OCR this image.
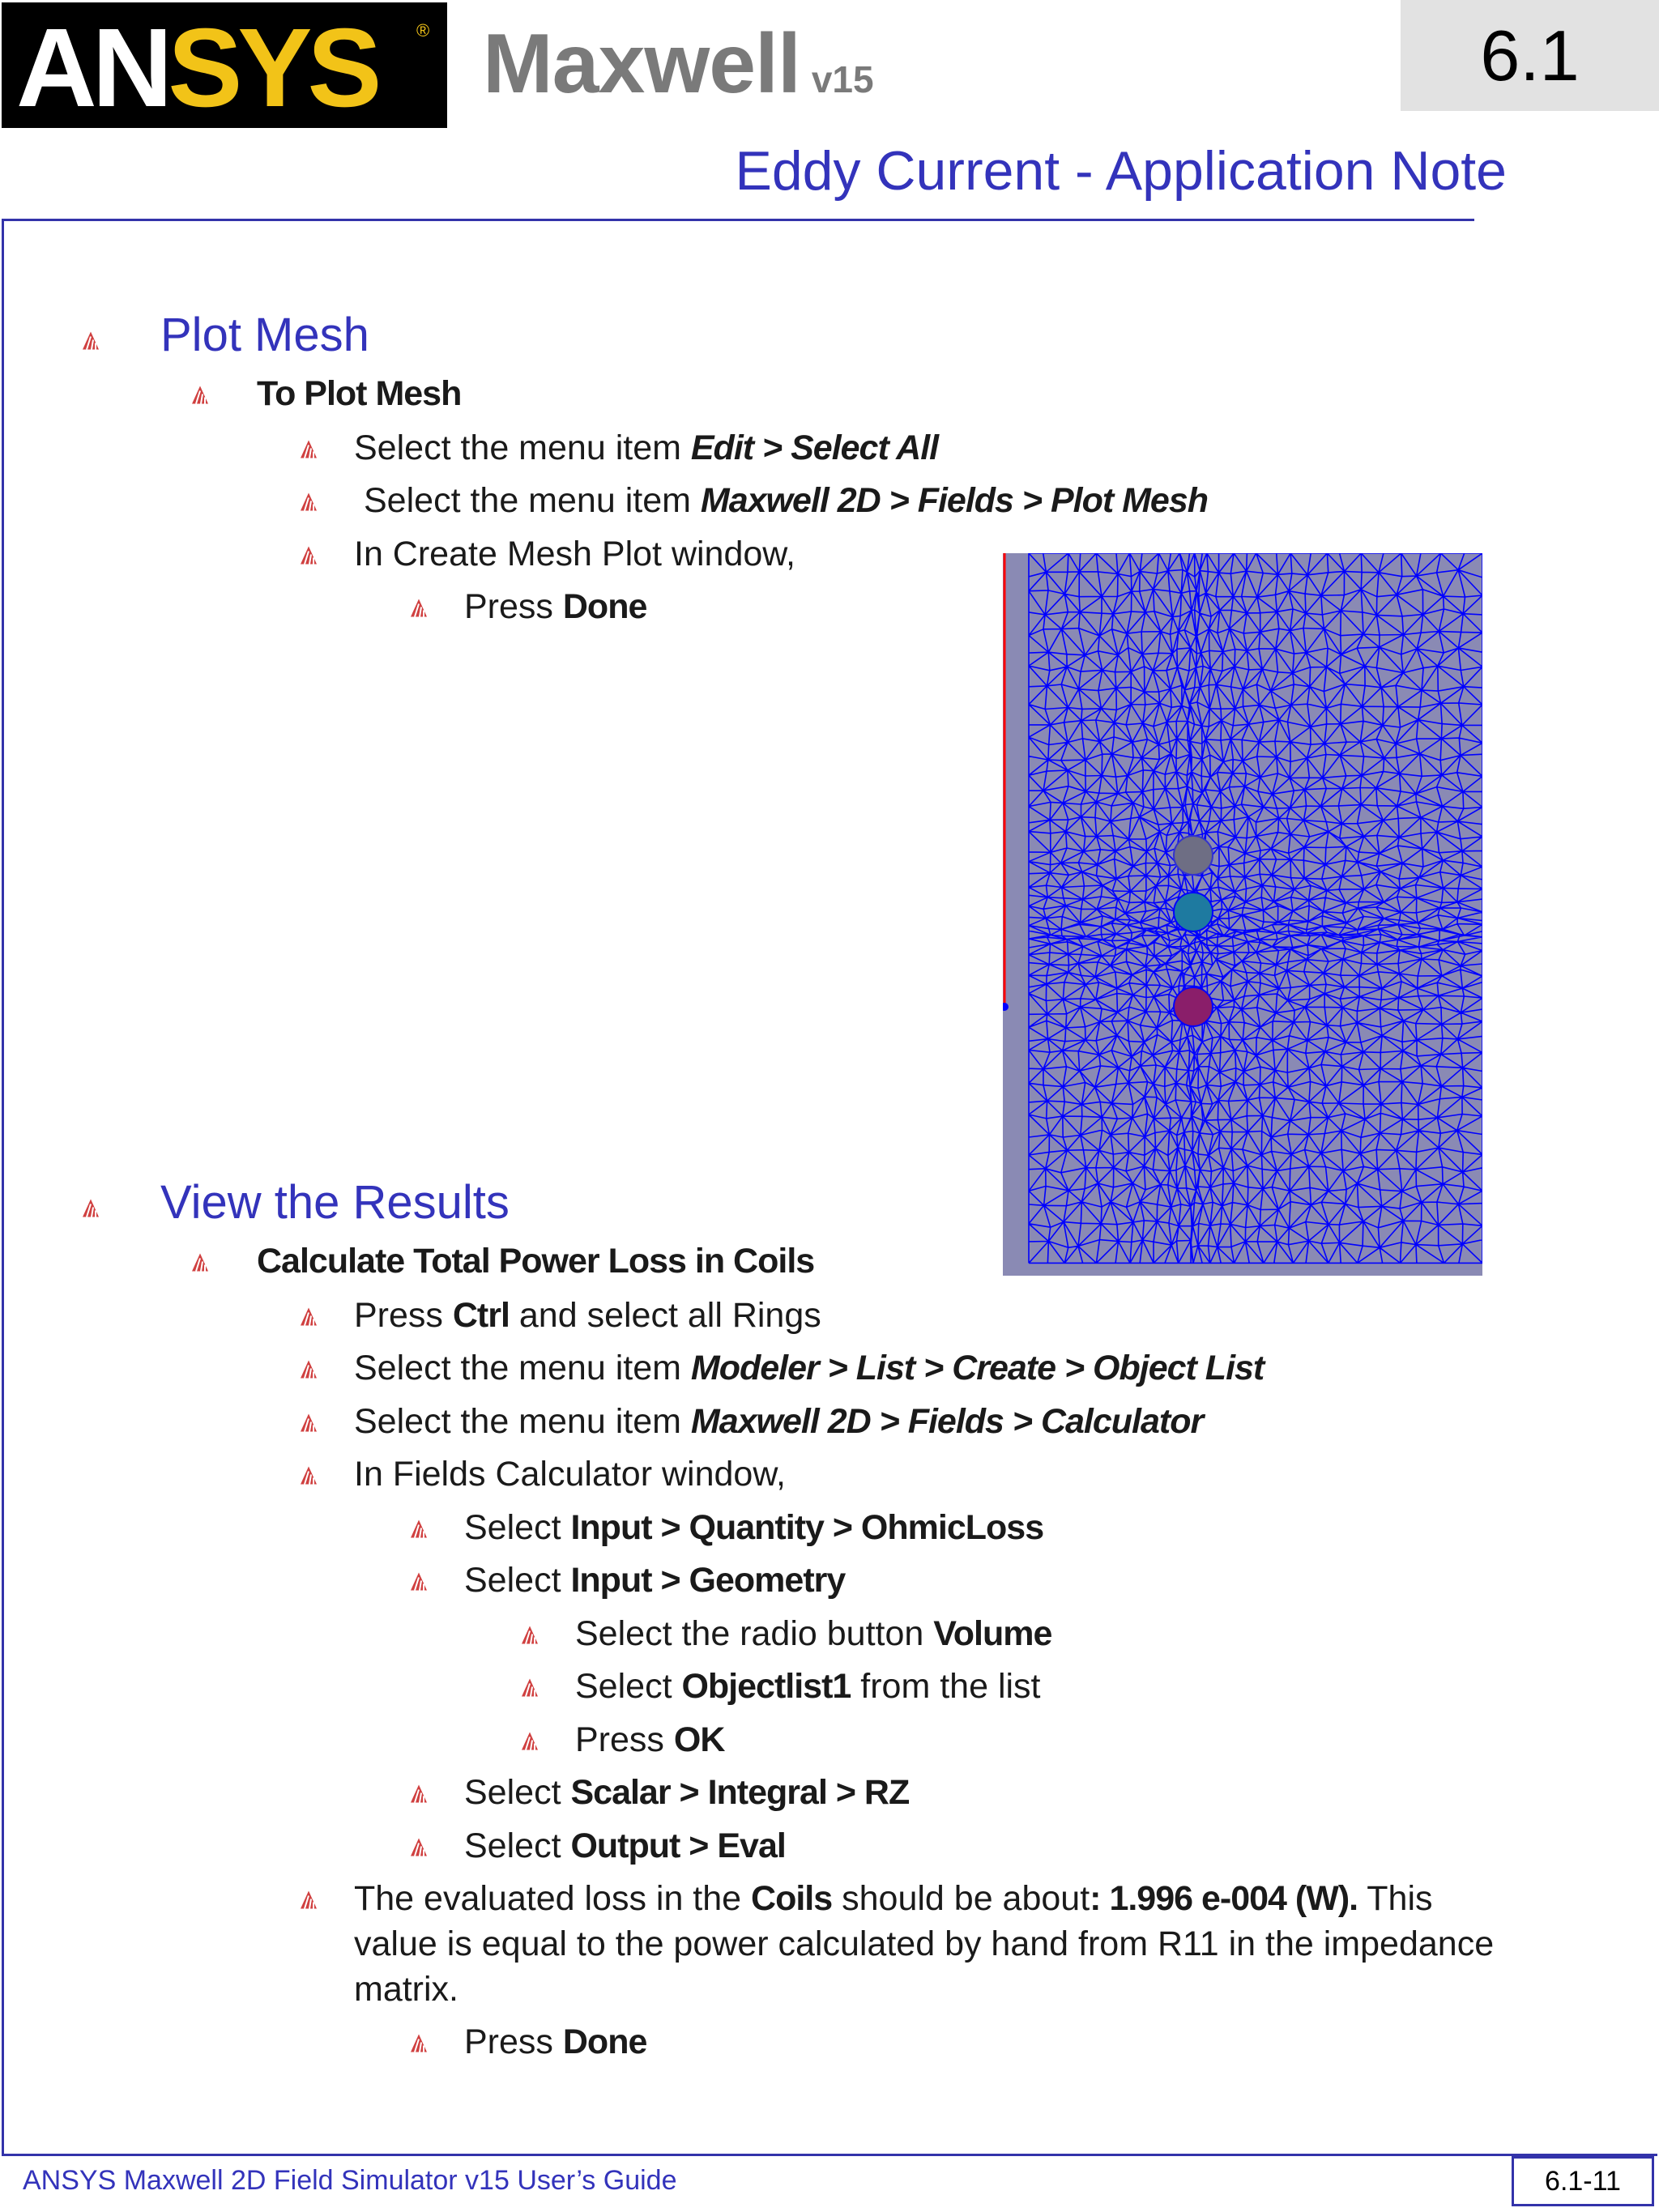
ANSYS ® Maxwell v15	6.1
Eddy Current - Application Note
Plot Mesh
To Plot Mesh
Select the menu item Edit > Select All
Select the menu item Maxwell 2D > Fields > Plot Mesh
In Create Mesh Plot window,
Press Done
View the Results
Calculate Total Power Loss in Coils
Press Ctrl and select all Rings
Select the menu item Modeler > List > Create > Object List
Select the menu item Maxwell 2D > Fields > Calculator
In Fields Calculator window,
Select Input > Quantity > OhmicLoss
Select Input > Geometry
Select the radio button Volume
Select Objectlist1 from the list
Press OK
Select Scalar > Integral > RZ
Select Output > Eval
The evaluated loss in the Coils should be about: 1.996 e-004 (W). This
value is equal to the power calculated by hand from R11 in the impedance
matrix.
Press Done
ANSYS Maxwell 2D Field Simulator v15 User’s Guide	6.1-11
